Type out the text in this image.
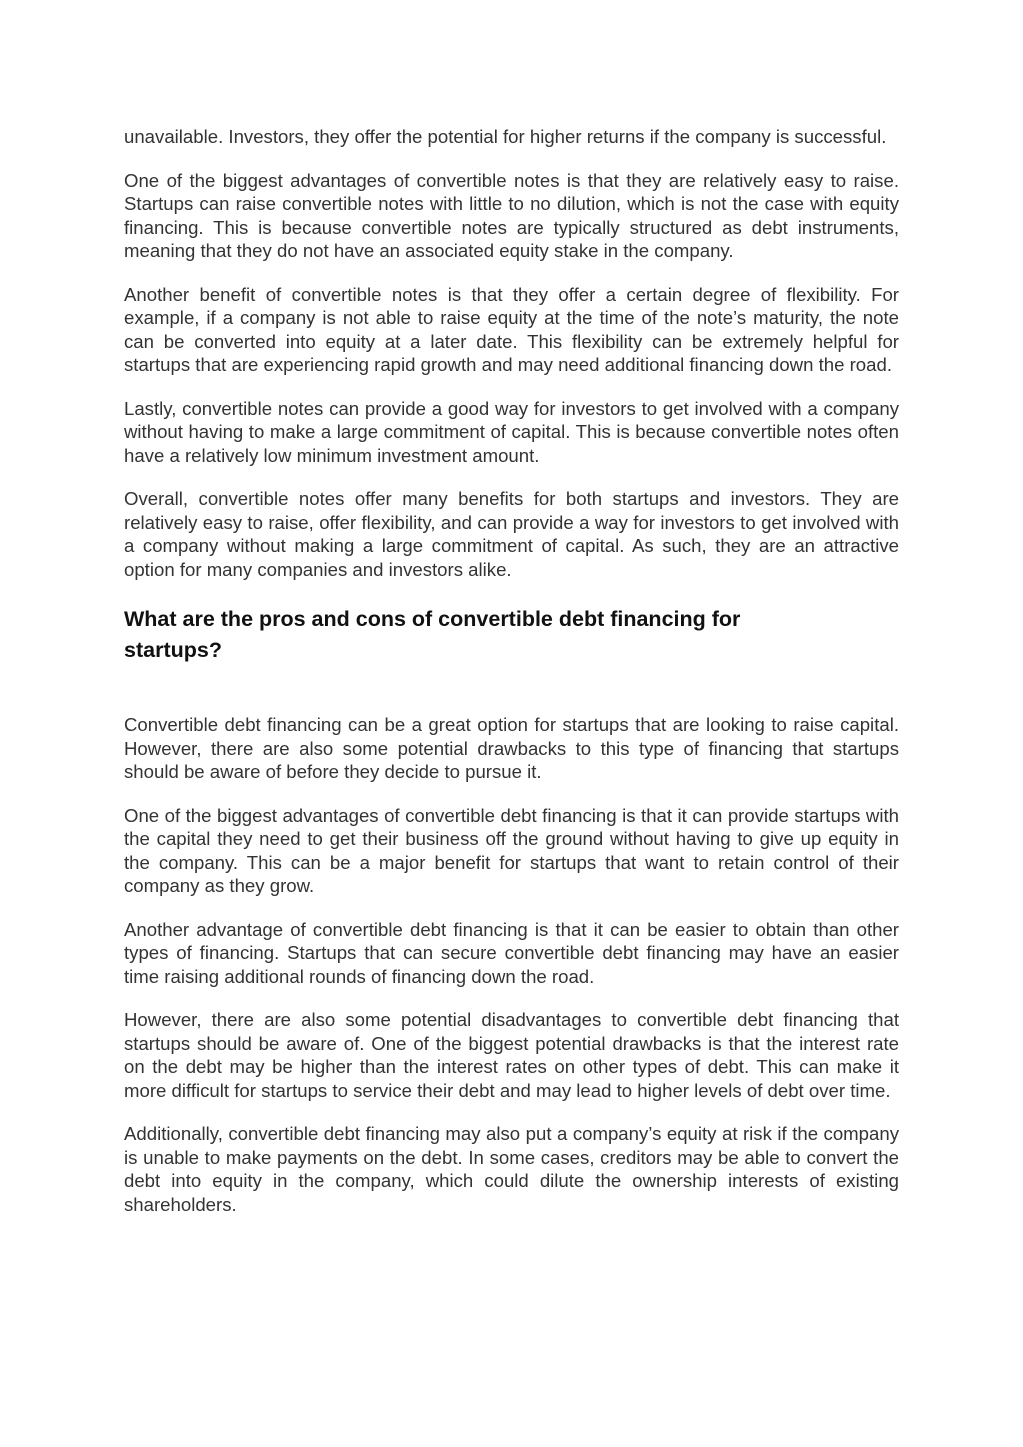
unavailable. Investors, they offer the potential for higher returns if the company is successful.

One of the biggest advantages of convertible notes is that they are relatively easy to raise. Startups can raise convertible notes with little to no dilution, which is not the case with equity financing. This is because convertible notes are typically structured as debt instruments, meaning that they do not have an associated equity stake in the company.

Another benefit of convertible notes is that they offer a certain degree of flexibility. For example, if a company is not able to raise equity at the time of the note’s maturity, the note can be converted into equity at a later date. This flexibility can be extremely helpful for startups that are experiencing rapid growth and may need additional financing down the road.

Lastly, convertible notes can provide a good way for investors to get involved with a company without having to make a large commitment of capital. This is because convertible notes often have a relatively low minimum investment amount.

Overall, convertible notes offer many benefits for both startups and investors. They are relatively easy to raise, offer flexibility, and can provide a way for investors to get involved with a company without making a large commitment of capital. As such, they are an attractive option for many companies and investors alike.

What are the pros and cons of convertible debt financing for startups?

Convertible debt financing can be a great option for startups that are looking to raise capital. However, there are also some potential drawbacks to this type of financing that startups should be aware of before they decide to pursue it.

One of the biggest advantages of convertible debt financing is that it can provide startups with the capital they need to get their business off the ground without having to give up equity in the company. This can be a major benefit for startups that want to retain control of their company as they grow.

Another advantage of convertible debt financing is that it can be easier to obtain than other types of financing. Startups that can secure convertible debt financing may have an easier time raising additional rounds of financing down the road.

However, there are also some potential disadvantages to convertible debt financing that startups should be aware of. One of the biggest potential drawbacks is that the interest rate on the debt may be higher than the interest rates on other types of debt. This can make it more difficult for startups to service their debt and may lead to higher levels of debt over time.

Additionally, convertible debt financing may also put a company’s equity at risk if the company is unable to make payments on the debt. In some cases, creditors may be able to convert the debt into equity in the company, which could dilute the ownership interests of existing shareholders.
